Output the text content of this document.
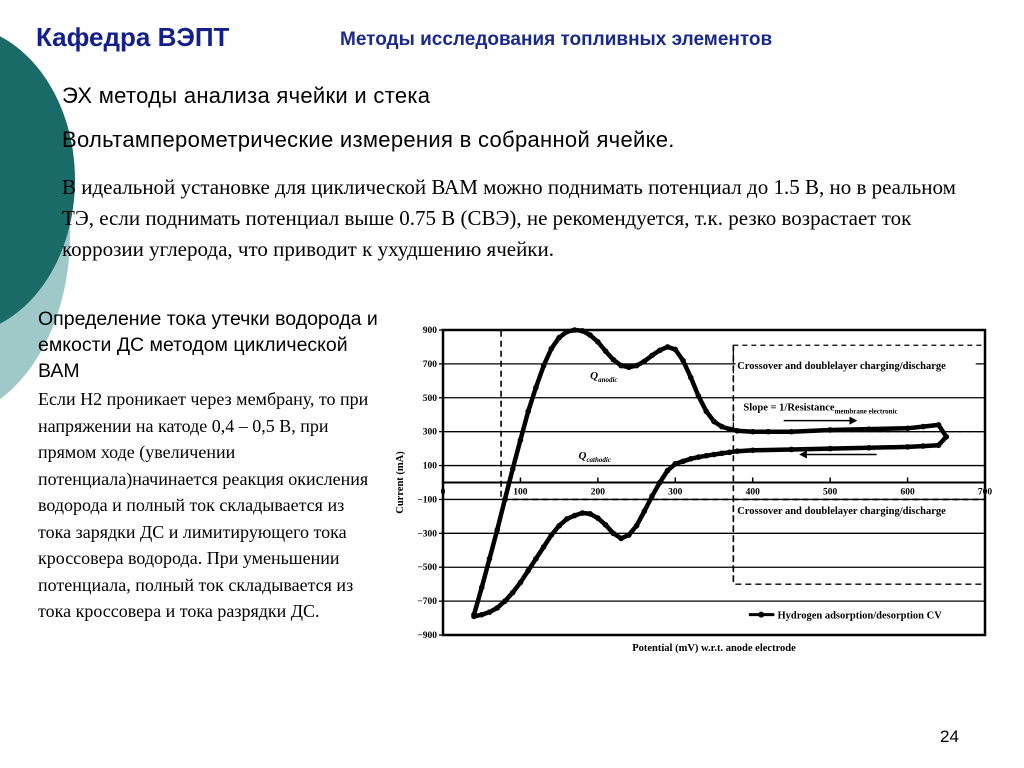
Кафедра ВЭПТ	Методы исследования топливных элементов
ЭХ методы анализа ячейки и стека
Вольтамперометрические измерения в собранной ячейке.
В идеальной установке для циклической ВАМ можно поднимать потенциал до 1.5 В, но в реальном ТЭ, если поднимать потенциал выше 0.75 В (СВЭ), не рекомендуется, т.к. резко возрастает ток коррозии углерода, что приводит к ухудшению ячейки.
Определение тока утечки водорода и емкости ДС методом циклической ВАМ
Если Н2 проникает через мембрану, то при напряжении на катоде 0,4 – 0,5 В, при прямом ходе (увеличении потенциала)начинается реакция окисления водорода и полный ток складывается из тока зарядки ДС и лимитирующего тока кроссовера водорода. При уменьшении потенциала, полный ток складывается из тока кроссовера и тока разрядки ДС.
900
700
500
300
100
−100
−300
−500
−700
−900
0	100	200	300	400	500	600	700
$Q_{anodic}$
$Q_{cathodic}$
Crossover and doublelayer charging/discharge
Crossover and doublelayer charging/discharge
Slope = 1/Resistance$_{membrane electronic}$
Hydrogen adsorption/desorption CV
Potential (mV) w.r.t. anode electrode
Current (mA)
24
